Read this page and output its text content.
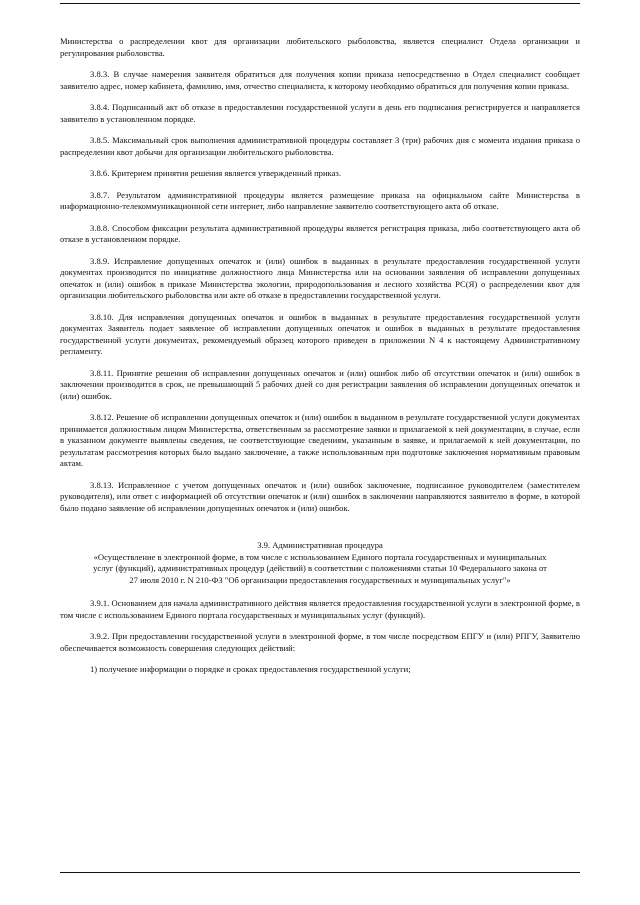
Министерства о распределении квот для организации любительского рыболовства, является специалист Отдела организации и регулирования рыболовства.

3.8.3. В случае намерения заявителя обратиться для получения копии приказа непосредственно в Отдел специалист сообщает заявителю адрес, номер кабинета, фамилию, имя, отчество специалиста, к которому необходимо обратиться для получения копии приказа.

3.8.4. Подписанный акт об отказе в предоставлении государственной услуги в день его подписания регистрируется и направляется заявителю в установленном порядке.

3.8.5. Максимальный срок выполнения административной процедуры составляет 3 (три) рабочих дня с момента издания приказа о распределении квот добычи для организации любительского рыболовства.

3.8.6. Критерием принятия решения является утвержденный приказ.

3.8.7. Результатом административной процедуры является размещение приказа на официальном сайте Министерства в информационно-телекоммуникационной сети интернет, либо направление заявителю соответствующего акта об отказе.

3.8.8. Способом фиксации результата административной процедуры является регистрация приказа, либо соответствующего акта об отказе в установленном порядке.

3.8.9. Исправление допущенных опечаток и (или) ошибок в выданных в результате предоставления государственной услуги документах производится по инициативе должностного лица Министерства или на основании заявления об исправлении допущенных опечаток и (или) ошибок в приказе Министерства экологии, природопользования и лесного хозяйства РС(Я) о распределении квот для организации любительского рыболовства или акте об отказе в предоставлении государственной услуги.

3.8.10. Для исправления допущенных опечаток и ошибок в выданных в результате предоставления государственной услуги документах Заявитель подает заявление об исправлении допущенных опечаток и ошибок в выданных в результате предоставления государственной услуги документах, рекомендуемый образец которого приведен в приложении N 4 к настоящему Административному регламенту.

3.8.11. Принятие решения об исправлении допущенных опечаток и (или) ошибок либо об отсутствии опечаток и (или) ошибок в заключении производится в срок, не превышающий 5 рабочих дней со дня регистрации заявления об исправлении допущенных опечаток и (или) ошибок.

3.8.12. Решение об исправлении допущенных опечаток и (или) ошибок в выданном в результате государственной услуги документах принимается должностным лицом Министерства, ответственным за рассмотрение заявки и прилагаемой к ней документации, в случае, если в указанном документе выявлены сведения, не соответствующие сведениям, указанным в заявке, и прилагаемой к ней документации, по результатам рассмотрения которых было выдано заключение, а также использованным при подготовке заключения нормативным правовым актам.

3.8.13. Исправленное с учетом допущенных опечаток и (или) ошибок заключение, подписанное руководителем (заместителем руководителя), или ответ с информацией об отсутствии опечаток и (или) ошибок в заключении направляются заявителю в форме, в которой было подано заявление об исправлении допущенных опечаток и (или) ошибок.

3.9. Административная процедура
«Осуществление в электронной форме, в том числе с использованием Единого портала государственных и муниципальных услуг (функций), административных процедур (действий) в соответствии с положениями статьи 10 Федерального закона от 27 июля 2010 г. N 210-ФЗ "Об организации предоставления государственных и муниципальных услуг"»

3.9.1. Основанием для начала административного действия является предоставления государственной услуги в электронной форме, в том числе с использованием Единого портала государственных и муниципальных услуг (функций).

3.9.2. При предоставлении государственной услуги в электронной форме, в том числе посредством ЕПГУ и (или) РПГУ, Заявителю обеспечивается возможность совершения следующих действий:

1) получение информации о порядке и сроках предоставления государственной услуги;
